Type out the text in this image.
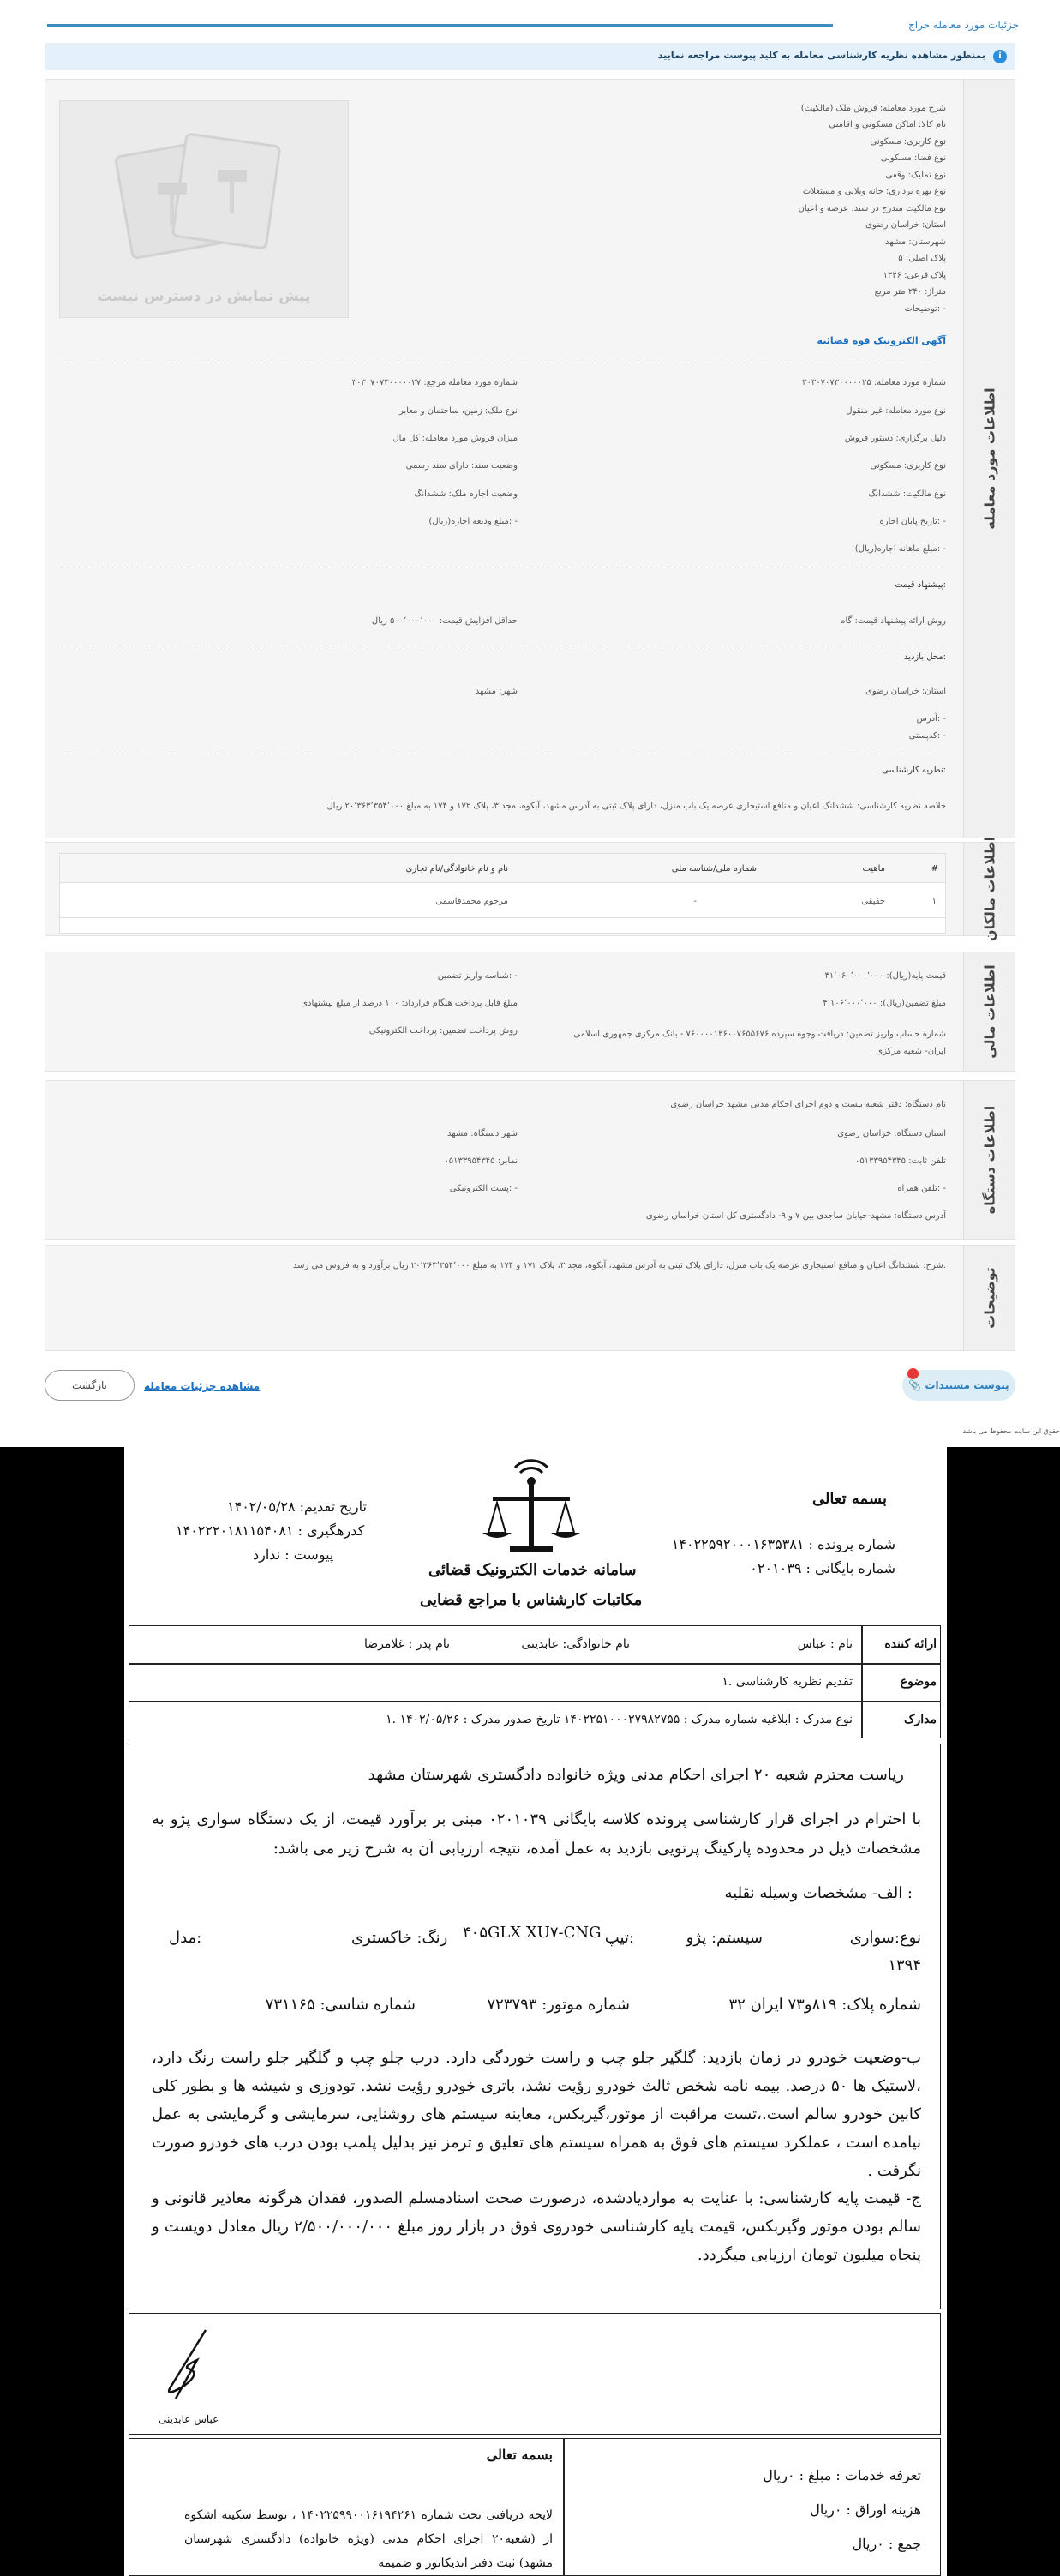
جزئیات مورد معامله حراج
i
بمنظور مشاهده نظریه کارشناسی معامله به کلید پیوست مراجعه نمایید
اطلاعات مورد معامله
پیش نمایش در دسترس نیست
شرح مورد معامله: فروش ملک (مالکیت)
نام کالا: اماکن مسکونی و اقامتی
نوع کاربری: مسکونی
نوع فضا: مسکونی
نوع تملیک: وقفی
نوع بهره برداری: خانه ویلایی و مستغلات
نوع مالکیت مندرج در سند: عرصه و اعیان
استان: خراسان رضوی
شهرستان: مشهد
پلاک اصلی: ۵
پلاک فرعی: ۱۳۴۶
متراژ: ۲۴۰ متر مربع
توضیحات: -
آگهی الکترونیک قوه قضائیه
شماره مورد معامله: ۳۰۳۰۷۰۷۳۰۰۰۰۰۲۵
نوع مورد معامله: غیر منقول
دلیل برگزاری: دستور فروش
نوع کاربری: مسکونی
نوع مالکیت: ششدانگ
تاریخ پایان اجاره: -
مبلغ ماهانه اجاره(ریال): -
شماره مورد معامله مرجع: ۳۰۳۰۷۰۷۳۰۰۰۰۰۲۷
نوع ملک: زمین، ساختمان و معابر
میزان فروش مورد معامله: کل مال
وضعیت سند: دارای سند رسمی
وضعیت اجاره ملک: ششدانگ
مبلغ ودیعه اجاره(ریال): -
پیشنهاد قیمت:
روش ارائه پیشنهاد قیمت: گام
حداقل افزایش قیمت: ۵۰۰٬۰۰۰٬۰۰۰ ریال
محل بازدید:
استان: خراسان رضوی
شهر: مشهد
آدرس: -
کدپستی: -
نظریه کارشناسی:
خلاصه نظریه کارشناسی: ششدانگ اعیان و منافع استیجاری عرصه یک باب منزل، دارای پلاک ثبتی به آدرس مشهد، آبکوه، مجد ۳، پلاک ۱۷۲ و ۱۷۴ به مبلغ ۲۰٬۳۶۳٬۳۵۴٬۰۰۰ ریال
اطلاعات مالکان
#
ماهیت
شماره ملی/شناسه ملی
نام و نام خانوادگی/نام تجاری
۱
حقیقی
-
مرحوم محمدقاسمی
اطلاعات مالی
قیمت پایه(ریال): ۴۱٬۰۶۰٬۰۰۰٬۰۰۰
شناسه واریز تضمین: -
مبلغ تضمین(ریال): ۴٬۱۰۶٬۰۰۰٬۰۰۰
مبلغ قابل پرداخت هنگام قرارداد: ۱۰۰ درصد از مبلغ پیشنهادی
شماره حساب واریز تضمین: دریافت وجوه سپرده ۷۶۰۰۰۰۱۳۶۰۰۷۶۵۵۶۷۶ - بانک مرکزی جمهوری اسلامی ایران- شعبه مرکزی
روش پرداخت تضمین: پرداخت الکترونیکی
اطلاعات دستگاه
نام دستگاه: دفتر شعبه بیست و دوم اجرای احکام مدنی مشهد خراسان رضوی
استان دستگاه: خراسان رضوی
شهر دستگاه: مشهد
تلفن ثابت: ۰۵۱۳۳۹۵۴۳۴۵
نمابر: ۰۵۱۳۳۹۵۴۳۴۵
تلفن همراه: -
پست الکترونیکی: -
آدرس دستگاه: مشهد-خیابان ساجدی بین ۷ و ۹- دادگستری کل استان خراسان رضوی
توضیحات
شرح: ششدانگ اعیان و منافع استیجاری عرصه یک باب منزل، دارای پلاک ثبتی به آدرس مشهد، آبکوه، مجد ۳، پلاک ۱۷۲ و ۱۷۴ به مبلغ ۲۰٬۳۶۳٬۳۵۴٬۰۰۰ ریال برآورد و به فروش می رسد.
📎 پیوست مستندات
۱
بازگشت	مشاهده جزئیات معامله
حقوق این سایت محفوظ می باشد
بسمه تعالی
شماره پرونده : ۱۴۰۲۲۵۹۲۰۰۰۱۶۳۵۳۸۱
شماره بایگانی : ۰۲۰۱۰۳۹
سامانه خدمات الکترونیک قضائی
مکاتبات کارشناس با مراجع قضایی
تاریخ تقدیم: ۱۴۰۲/۰۵/۲۸
کدرهگیری : ۱۴۰۲۲۲۰۱۸۱۱۵۴۰۸۱
پیوست : ندارد
ارائه کننده
نام : عباس
نام خانوادگی: عابدینی
نام پدر : غلامرضا
موضوع
۱. تقدیم نظریه کارشناسی
مدارک
۱. نوع مدرک : ابلاغیه شماره مدرک : ۱۴۰۲۲۵۱۰۰۰۲۷۹۸۲۷۵۵ تاریخ صدور مدرک : ۱۴۰۲/۰۵/۲۶
ریاست محترم شعبه ۲۰ اجرای احکام مدنی ویژه خانواده دادگستری شهرستان مشهد
با احترام در اجرای قرار کارشناسی پرونده کلاسه بایگانی ۰۲۰۱۰۳۹ مبنی بر برآورد قیمت، از یک دستگاه سواری پژو به مشخصات ذیل در محدوده پارکینگ پرتویی بازدید به عمل آمده، نتیجه ارزیابی آن به شرح زیر می باشد:
الف- مشخصات وسیله نقلیه :
نوع:سواری
سیستم: پژو
تیپ:
۴۰۵GLX XU۷-CNG
رنگ: خاکستری
مدل:
۱۳۹۴
شماره پلاک: ۸۱۹و۷۳ ایران ۳۲
شماره موتور: ۷۲۳۷۹۳
شماره شاسی: ۷۳۱۱۶۵
ب-وضعیت خودرو در زمان بازدید: گلگیر جلو چپ و راست خوردگی دارد. درب جلو چپ و گلگیر جلو راست رنگ دارد، ،لاستیک ها ۵۰ درصد. بیمه نامه شخص ثالث خودرو رؤیت نشد، باتری خودرو رؤیت نشد. تودوزی و شیشه ها و بطور کلی کابین خودرو سالم است.،تست مراقبت از موتور،گیربکس، معاینه سیستم های روشنایی، سرمایشی و گرمایشی به عمل نیامده است ، عملکرد سیستم های فوق به همراه سیستم های تعلیق و ترمز نیز بدلیل پلمپ بودن درب های خودرو صورت نگرفت .
ج- قیمت پایه کارشناسی: با عنایت به مواردیادشده، درصورت صحت اسنادمسلم الصدور، فقدان هرگونه معاذیر قانونی و سالم بودن موتور وگیربکس، قیمت پایه کارشناسی خودروی فوق در بازار روز مبلغ ۲/۵۰۰/۰۰۰/۰۰۰ ریال معادل دویست و پنجاه میلیون تومان ارزیابی میگردد.
عباس عابدینی
تعرفه خدمات : مبلغ : ۰ریال
هزینه اوراق : ۰ریال
جمع : ۰ریال
بسمه تعالی
لایحه دریافتی تحت شماره ۱۴۰۲۲۵۹۹۰۰۱۶۱۹۴۲۶۱ ، توسط سکینه اشکوه از (شعبه۲۰ اجرای احکام مدنی (ویژه خانواده) دادگستری شهرستان مشهد) ثبت دفتر اندیکاتور و ضمیمه
